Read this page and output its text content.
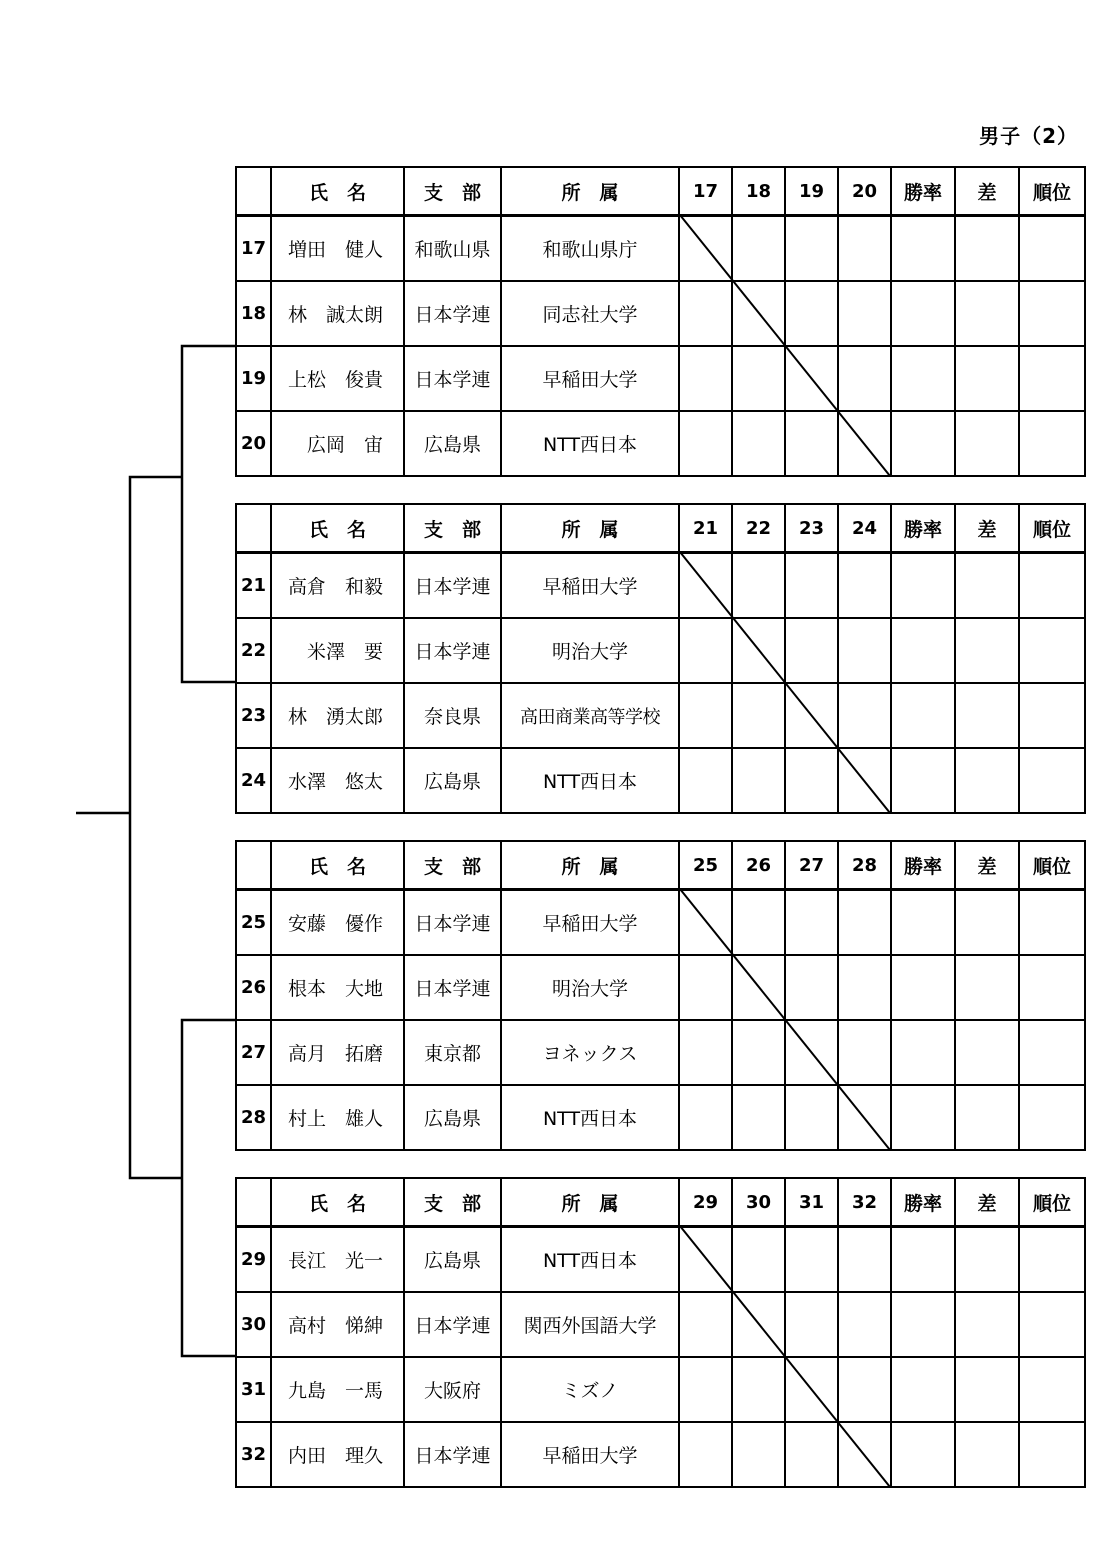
男子（2）
	氏　名	支　部	所　属	17	18	19	20	勝率	差	順位
17	増田　健人	和歌山県	和歌山県庁							
18	林　誠太朗	日本学連	同志社大学							
19	上松　俊貴	日本学連	早稲田大学							
20	　広岡　宙	広島県	NTT西日本							
	氏　名	支　部	所　属	21	22	23	24	勝率	差	順位
21	高倉　和毅	日本学連	早稲田大学							
22	　米澤　要	日本学連	明治大学							
23	林　湧太郎	奈良県	高田商業高等学校							
24	水澤　悠太	広島県	NTT西日本							
	氏　名	支　部	所　属	25	26	27	28	勝率	差	順位
25	安藤　優作	日本学連	早稲田大学							
26	根本　大地	日本学連	明治大学							
27	高月　拓磨	東京都	ヨネックス							
28	村上　雄人	広島県	NTT西日本							
	氏　名	支　部	所　属	29	30	31	32	勝率	差	順位
29	長江　光一	広島県	NTT西日本							
30	高村　悌紳	日本学連	関西外国語大学							
31	九島　一馬	大阪府	ミズノ							
32	内田　理久	日本学連	早稲田大学							
